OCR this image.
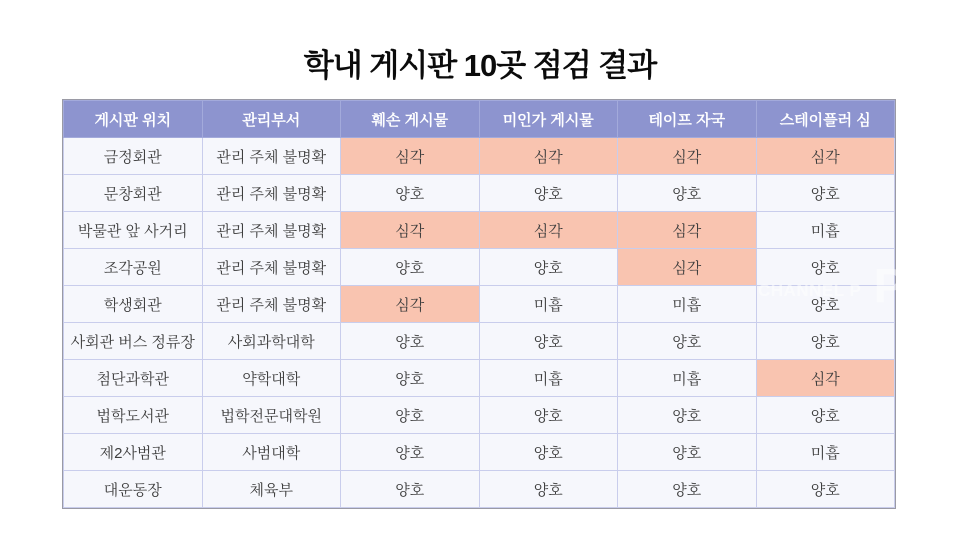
학내 게시판 10곳 점검 결과
게시판 위치	관리부서	훼손 게시물	미인가 게시물	테이프 자국	스테이플러 심
금정회관	관리 주체 불명확	심각	심각	심각	심각
문창회관	관리 주체 불명확	양호	양호	양호	양호
박물관 앞 사거리	관리 주체 불명확	심각	심각	심각	미흡
조각공원	관리 주체 불명확	양호	양호	심각	양호
학생회관	관리 주체 불명확	심각	미흡	미흡	양호
사회관 버스 정류장	사회과학대학	양호	양호	양호	양호
첨단과학관	약학대학	양호	미흡	미흡	심각
법학도서관	법학전문대학원	양호	양호	양호	양호
제2사범관	사범대학	양호	양호	양호	미흡
대운동장	체육부	양호	양호	양호	양호
CHANNEL P PI
